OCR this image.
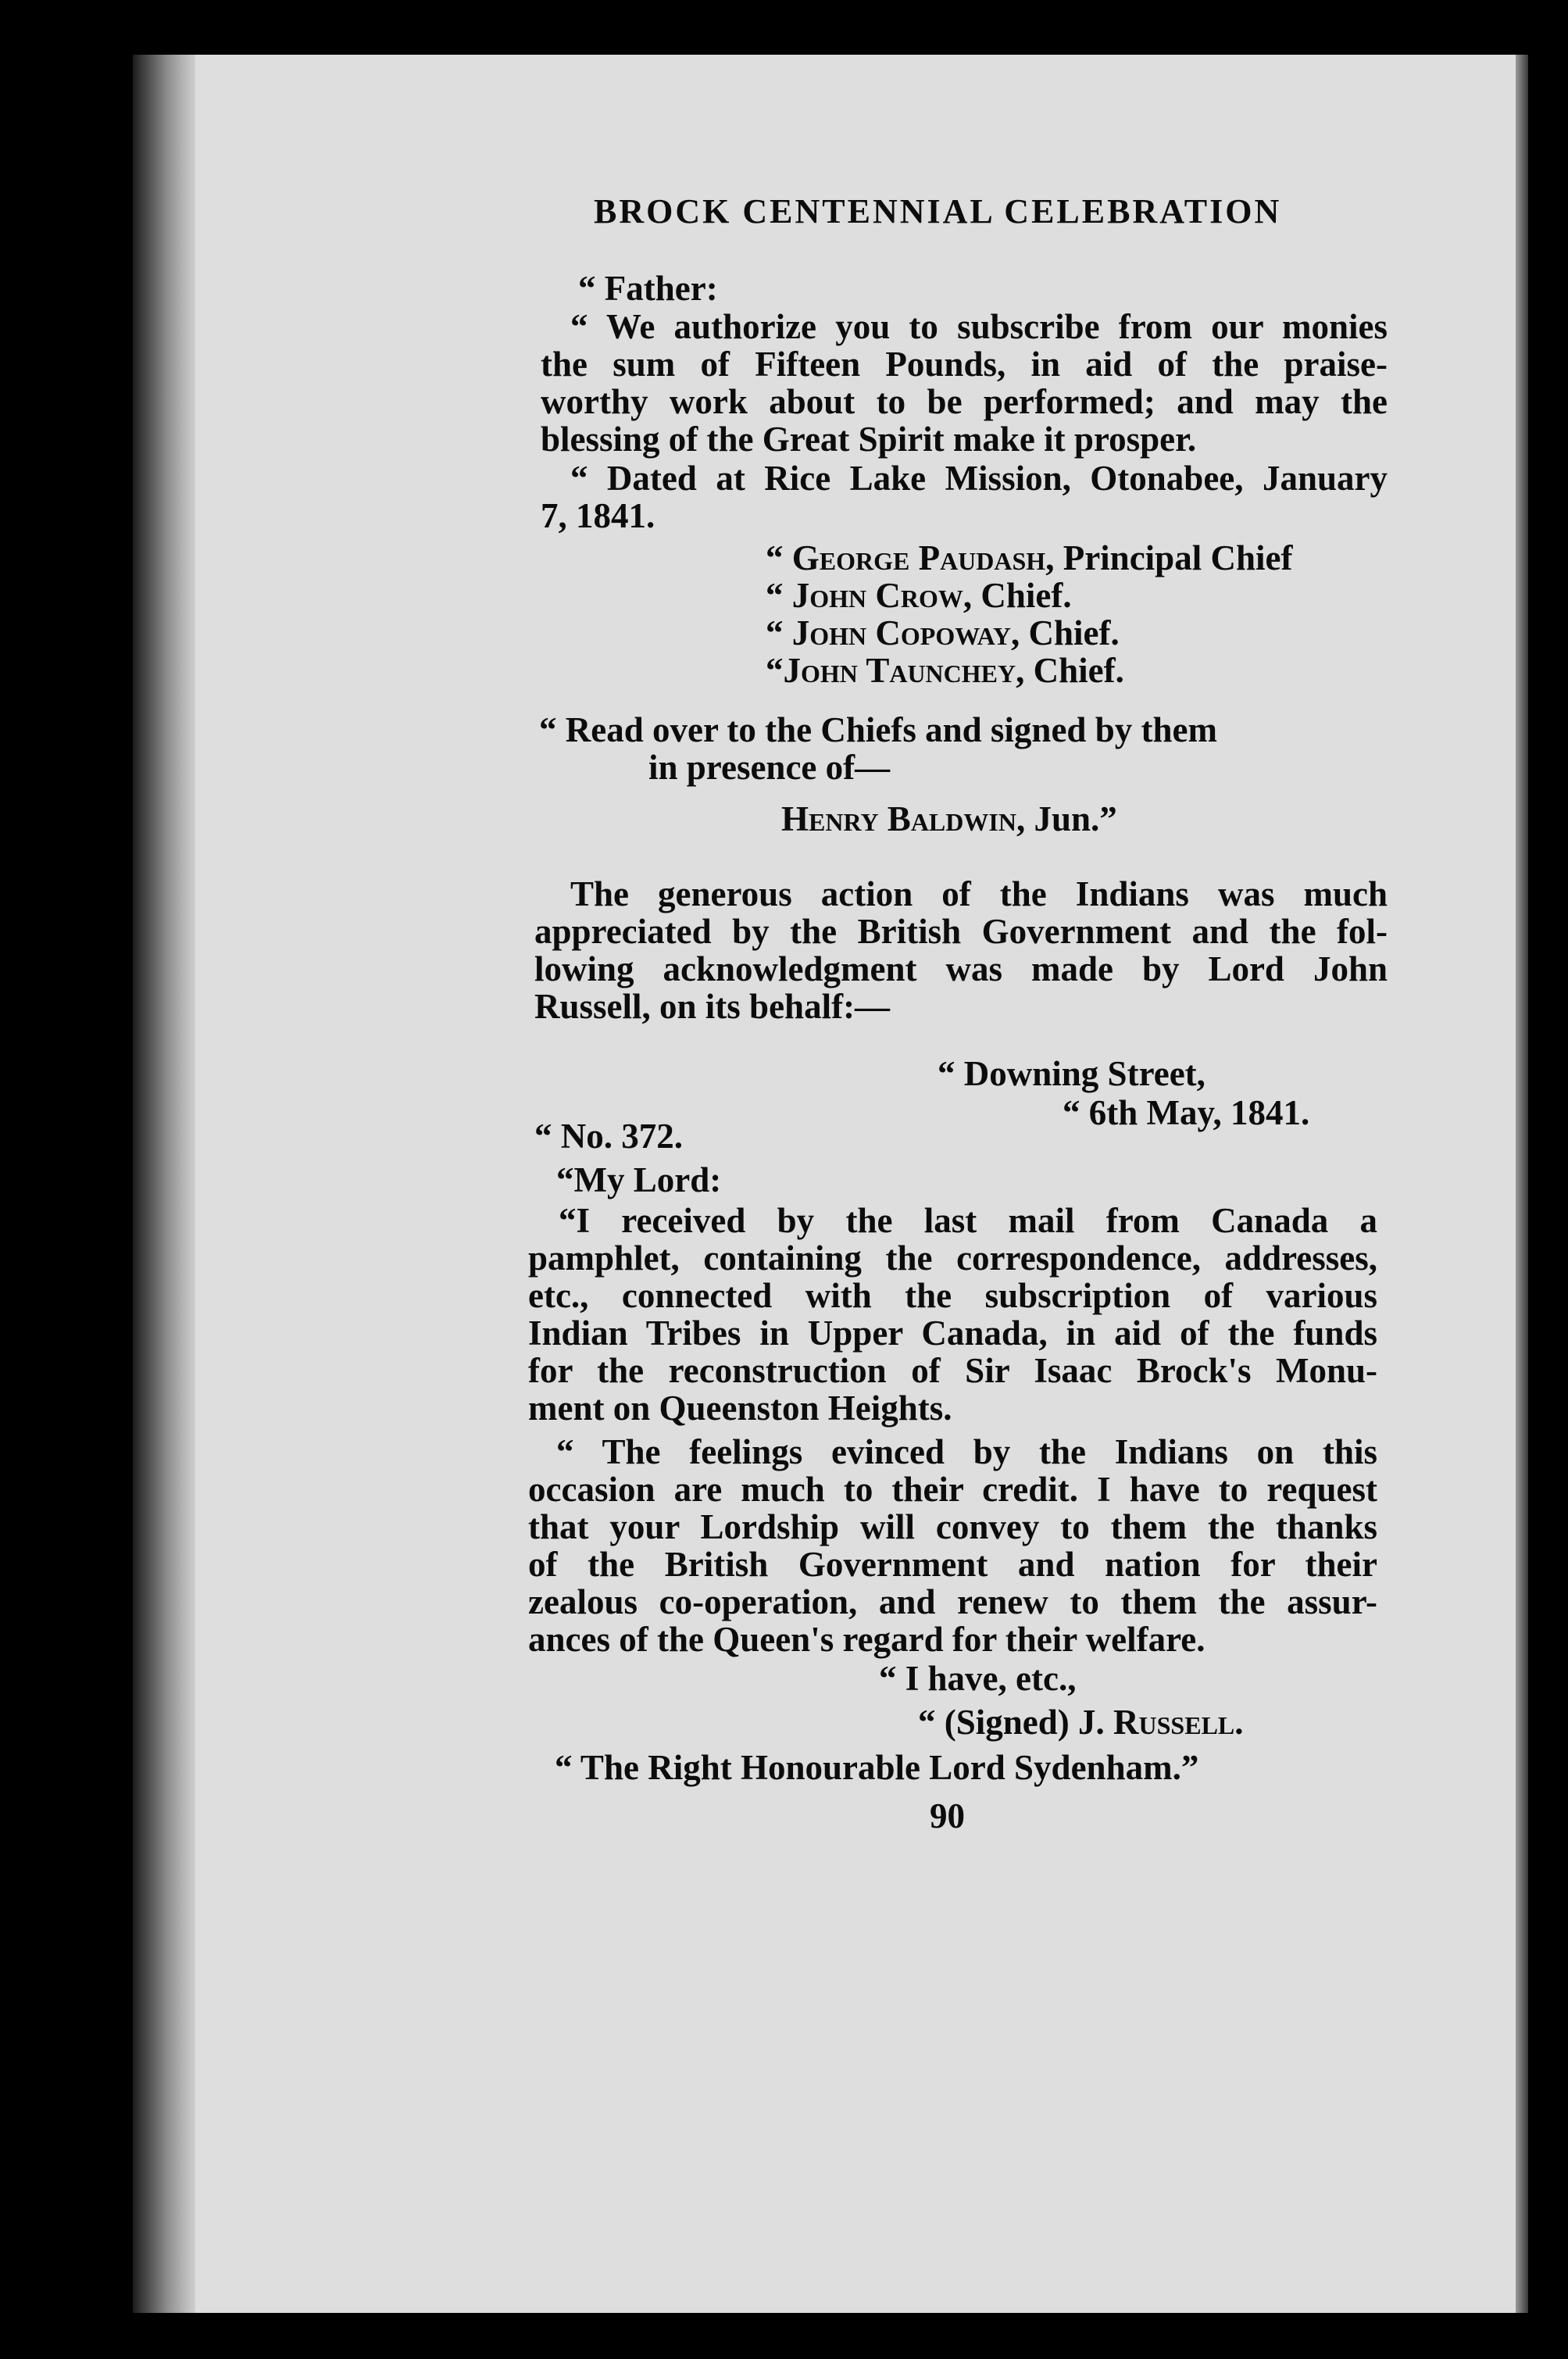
BROCK CENTENNIAL CELEBRATION
“ Father:
“ We authorize you to subscribe from our monies
the sum of Fifteen Pounds, in aid of the praise-
worthy work about to be performed; and may the
blessing of the Great Spirit make it prosper.
“ Dated at Rice Lake Mission, Otonabee, January
7, 1841.
“ George Paudash, Principal Chief
“ John Crow, Chief.
“ John Copoway, Chief.
“John Taunchey, Chief.
“ Read over to the Chiefs and signed by them
in presence of—
Henry Baldwin, Jun.”
The generous action of the Indians was much
appreciated by the British Government and the fol-
lowing acknowledgment was made by Lord John
Russell, on its behalf:—
“ Downing Street,
“ 6th May, 1841.
“ No. 372.
“My Lord:
“I received by the last mail from Canada a
pamphlet, containing the correspondence, addresses,
etc., connected with the subscription of various
Indian Tribes in Upper Canada, in aid of the funds
for the reconstruction of Sir Isaac Brock's Monu-
ment on Queenston Heights.
“ The feelings evinced by the Indians on this
occasion are much to their credit. I have to request
that your Lordship will convey to them the thanks
of the British Government and nation for their
zealous co-operation, and renew to them the assur-
ances of the Queen's regard for their welfare.
“ I have, etc.,
“ (Signed) J. Russell.
“ The Right Honourable Lord Sydenham.”
90
